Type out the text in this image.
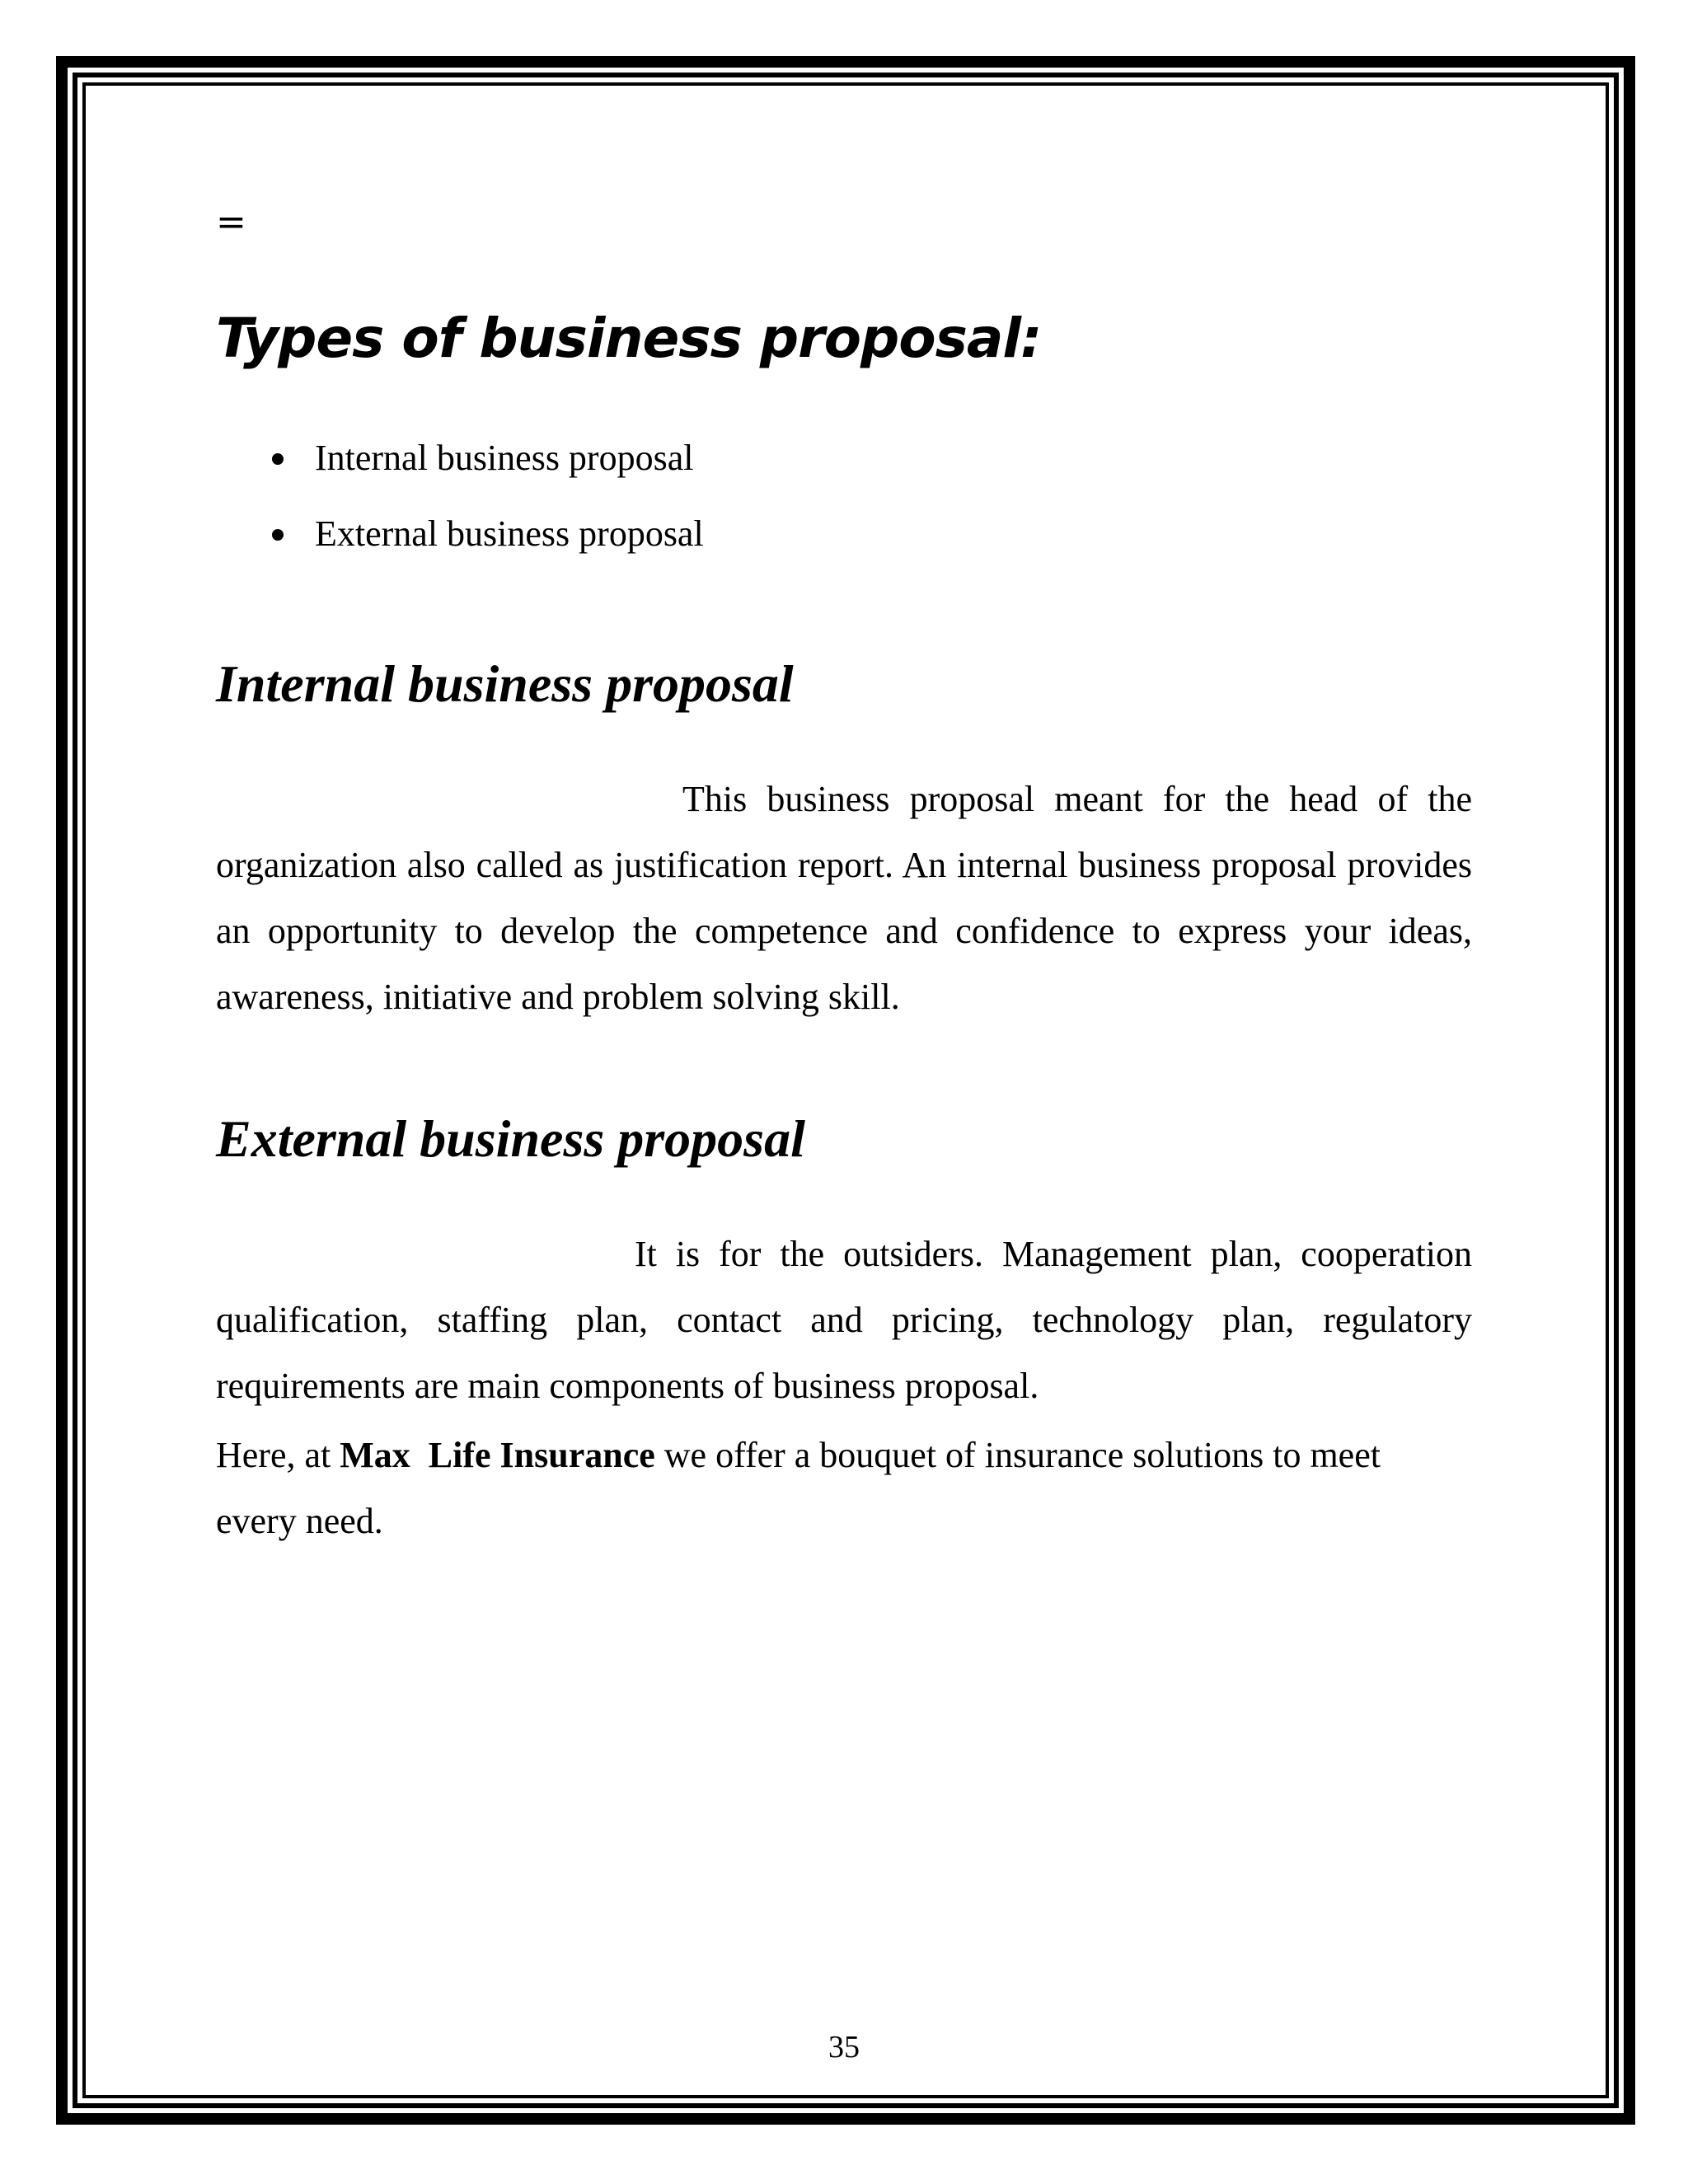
=
Types of business proposal:
Internal business proposal
External business proposal
Internal business proposal

This business proposal meant for the head of the organization also called as justification report. An internal business proposal provides an opportunity to develop the competence and confidence to express your ideas, awareness, initiative and problem solving skill.

External business proposal

It is for the outsiders. Management plan, cooperation qualification, staffing plan, contact and pricing, technology plan, regulatory requirements are main components of business proposal.

Here, at Max  Life Insurance we offer a bouquet of insurance solutions to meet every need.

35
